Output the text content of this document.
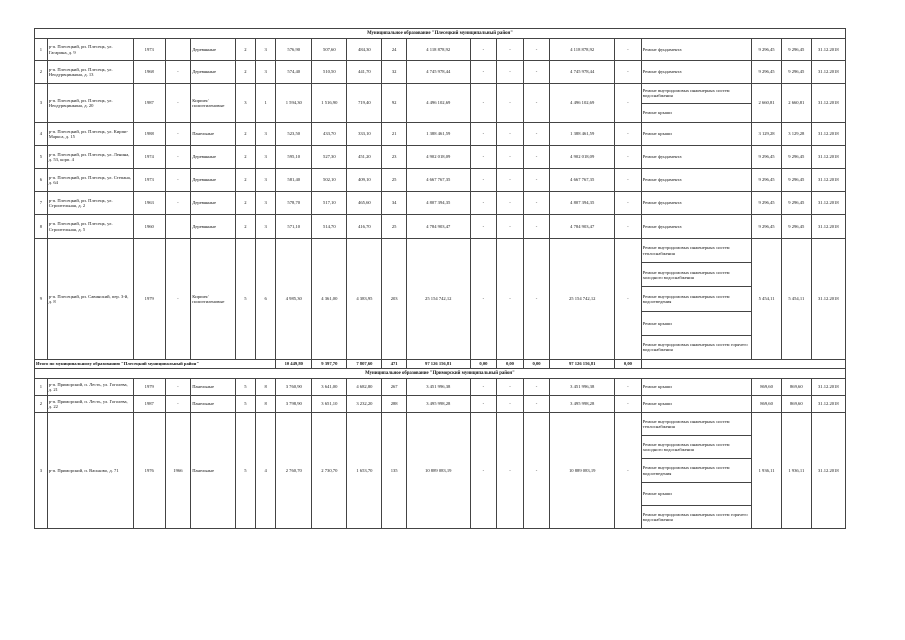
Муниципальное образование "Плесецкий муниципальный район"																				
1	р-п. Плесецкий, рп. Плесецк, ул. Гагарина, д. 9	1973		Деревянные	2	3	576,90	507,60	484,30	24	4 118 878,92	-	-	-	4 118 878,92	-	Ремонт фундамента	9 296,45	9 296,45	31.12.2018
2	р-п. Плесецкий, рп. Плесецк, ул. Неодурвцинкина, д. 13	1968	-	Деревянные	2	3	574,40	510,50	441,70	32	4 745 978,44	-	-	-	4 745 978,44	-	Ремонт фундамента	9 296,45	9 296,45	31.12.2018
3	р-п. Плесецкий, рп. Плесецк, ул. Неодурвцинкина, д. 20	1987	-	Кирпич/ полиэтиленовые	3	1	1 594,30	1 516,90	719,40	92	4 496 102,69	-	-	-	4 496 102,69	-	Ремонт внутридомовых инженерных систем водоснабжения
Ремонт крыши	2 660,81	2 660,81	31.12.2018
4	р-п. Плесецкий, рп. Плесецк, ул. Кирпи-Маркса, д. 15	1988	-	Панельные	2	3	523,50	433,70	333,10	21	1 388 461,59	-	-	-	1 388 461,59	-	Ремонт крыши	3 129,28	3 129,28	31.12.2018
5	р-п. Плесецкий, рп. Плесецк, ул. Ленина, д. 53, корп. 4	1974	-	Деревянные	2	3	595,10	527,30	451,20	23	4 902 018,09	-	-	-	4 902 018,09	-	Ремонт фундамента	9 296,45	9 296,45	31.12.2018
6	р-п. Плесецкий, рп. Плесецк, ул. Степана, д. 64	1973	-	Деревянные	2	3	581,40	502,10	409,10	25	4 667 767,35	-	-	-	4 667 767,35	-	Ремонт фундамента	9 296,45	9 296,45	31.12.2018
7	р-п. Плесецкий, рп. Плесецк, ул. Строительная, д. 2	1963	-	Деревянные	2	3	578,70	517,10	465,60	34	4 807 394,35	-	-	-	4 807 394,35	-	Ремонт фундамента	9 296,45	9 296,45	31.12.2018
8	р-п. Плесецкий, рп. Плесецк, ул. Строительная, д. 5	1960		Деревянные	2	3	571,10	514,70	416,70	25	4 784 903,47	-	-	-	4 784 903,47	-	Ремонт фундамента	9 296,45	9 296,45	31.12.2018
9	р-п. Плесецкий, рп. Савинский, пер. 3-й, д. 8	1979	-	Кирпич/ полиэтиленовые	5	6	4 985,30	4 361,00	4 383,95	203	25 154 742,12	-	-	-	25 154 742,12	-	Ремонт внутридомовых инженерных систем теплоснабжения
Ремонт внутридомовых инженерных систем холодного водоснабжения
Ремонт внутридомовых инженерных систем водоотведения
Ремонт крыши
Ремонт внутридомовых инженерных систем горячего водоснабжения	5 454,11	5 454,11	31.12.2018
Итого по муниципальному образованию "Плесецкий муниципальный район"							10 449,80	9 397,70	7 807,60	471	97 126 156,81	0,00	0,00	0,00	97 126 156,81	0,00				
Муниципальное образование "Приморский муниципальный район"																				
1	р-п. Приморский, п. Лесть, ул. Гоголева, д. 21	1979	-	Панельные	5	8	3 760,90	3 641,00	4 682,80	267	3 451 996,38	-	-	-	3 451 996,38	-	Ремонт крыши	869,60	869,60	31.12.2018
2	р-п. Приморский, п. Лесть, ул. Гоголева, д. 22	1987	-	Панельные	5	8	3 798,90	3 651,10	3 232,20	288	3 495 998,28	-	-	-	3 495 998,28	-	Ремонт крыши	869,60	869,60	31.12.2018
3	р-п. Приморский, п. Васьково, д. 71	1976	1966	Панельные	5	4	2 760,70	2 730,70	1 653,70	135	10 889 083,19	-	-	-	10 889 083,19	-	Ремонт внутридомовых инженерных систем теплоснабжения
Ремонт внутридомовых инженерных систем холодного водоснабжения
Ремонт внутридомовых инженерных систем водоотведения
Ремонт крыши
Ремонт внутридомовых инженерных систем горячего водоснабжения	1 936,11	1 936,11	31.12.2018
